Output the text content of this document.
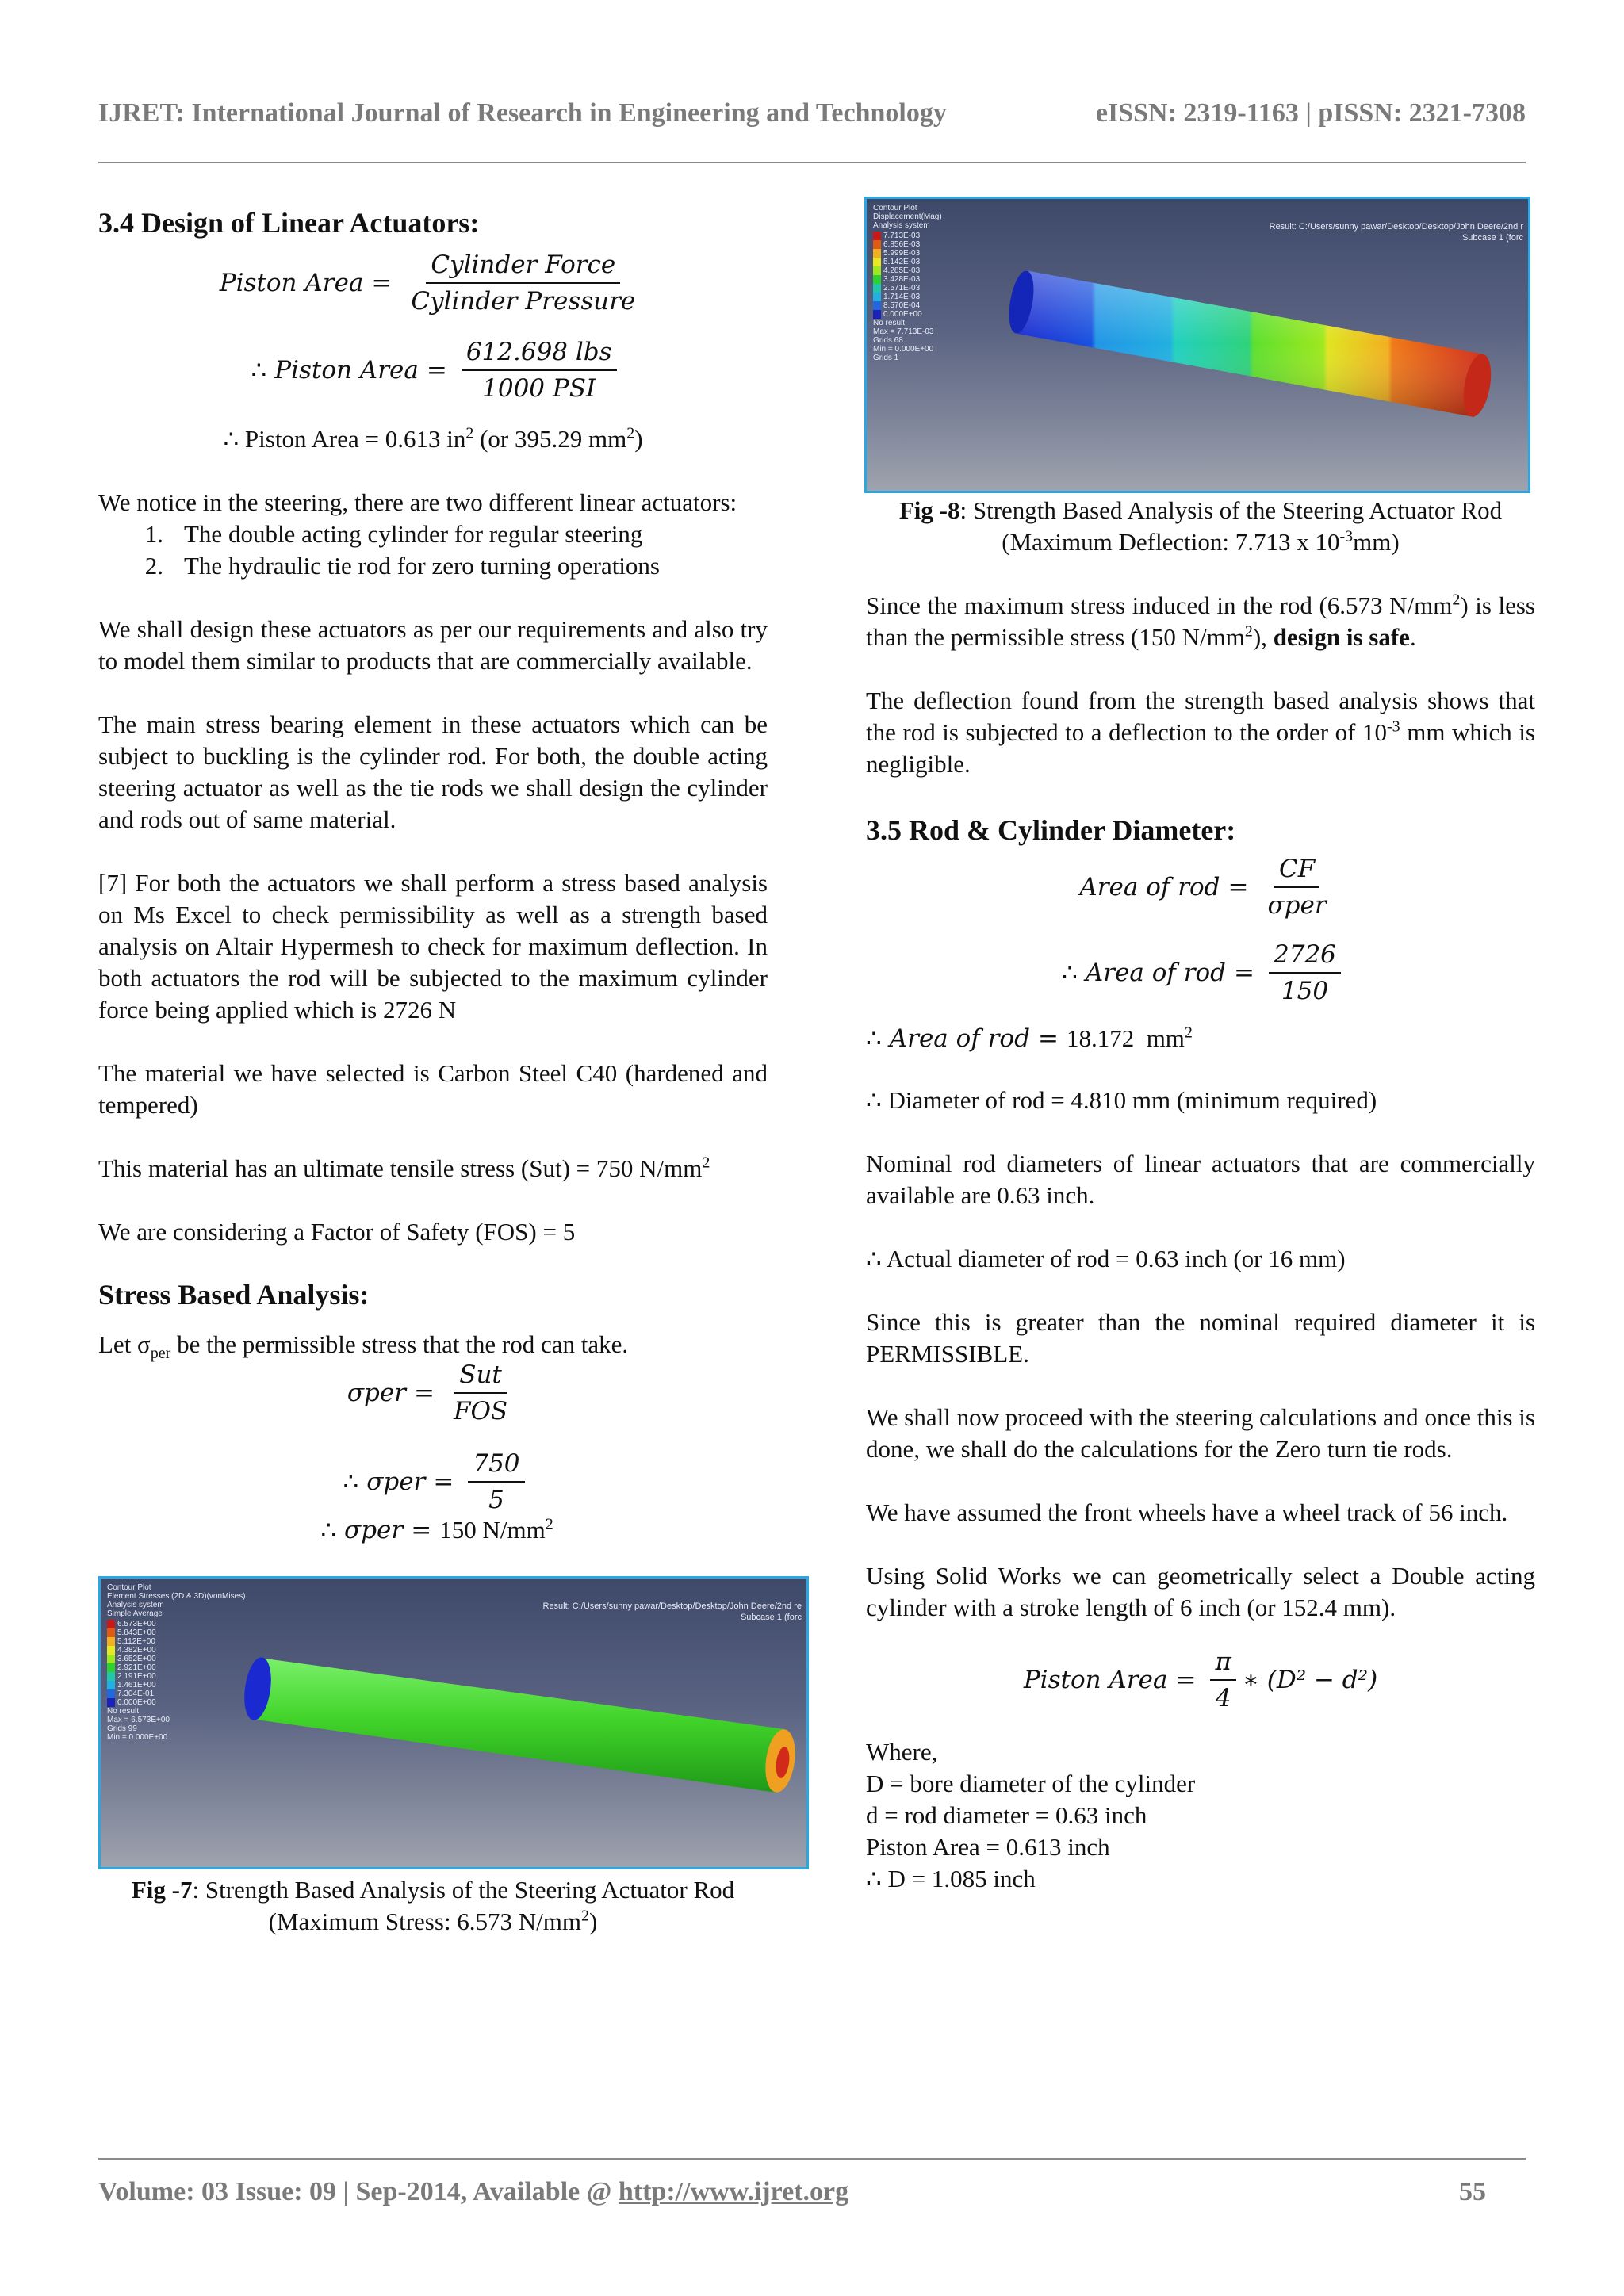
IJRET: International Journal of Research in Engineering and Technology	eISSN: 2319-1163 | pISSN: 2321-7308
3.4 Design of Linear Actuators:
Piston Area = $\frac{\text{Cylinder Force}}{\text{Cylinder Pressure}}$
∴ Piston Area = $\frac{\text{612.698 lbs}}{\text{1000 PSI}}$
∴ Piston Area = 0.613 $in^2$ (or 395.29 $mm^2$)

We notice in the steering, there are two different linear actuators:

1. The double acting cylinder for regular steering
2. The hydraulic tie rod for zero turning operations

We shall design these actuators as per our requirements and also try to model them similar to products that are commercially available.

The main stress bearing element in these actuators which can be subject to buckling is the cylinder rod. For both, the double acting steering actuator as well as the tie rods we shall design the cylinder and rods out of same material.

[7] For both the actuators we shall perform a stress based analysis on Ms Excel to check permissibility as well as a strength based analysis on Altair Hypermesh to check for maximum deflection. In both actuators the rod will be subjected to the maximum cylinder force being applied which is 2726 N

The material we have selected is Carbon Steel C40 (hardened and tempered)

This material has an ultimate tensile stress (Sut) = 750 $N/mm^2$

We are considering a Factor of Safety (FOS) = 5

Stress Based Analysis:

Let $\sigma_{per}$ be the permissible stress that the rod can take.

$\sigma per = \frac{\text{Sut}}{\text{FOS}}$
∴ $\sigma per = \frac{750}{5}$
∴ σper = 150 $N/mm^2$
Contour Plot
Element Stresses (2D & 3D)(vonMises)
Analysis system
Simple Average
6.573E+00
5.843E+00
5.112E+00
4.382E+00
3.652E+00
2.921E+00
2.191E+00
1.461E+00
7.304E-01
0.000E+00
No result
Max = 6.573E+00
Grids 99
Min = 0.000E+00
Result: C:/Users/sunny pawar/Desktop/Desktop/John Deere/2nd re
Subcase 1 (forc
Fig -7: Strength Based Analysis of the Steering Actuator Rod (Maximum Stress: 6.573 $N/mm^2$)
Contour Plot
Displacement(Mag)
Analysis system
7.713E-03
6.856E-03
5.999E-03
5.142E-03
4.285E-03
3.428E-03
2.571E-03
1.714E-03
8.570E-04
0.000E+00
No result
Max = 7.713E-03
Grids 68
Min = 0.000E+00
Grids 1
Result: C:/Users/sunny pawar/Desktop/Desktop/John Deere/2nd r
Subcase 1 (forc
Fig -8: Strength Based Analysis of the Steering Actuator Rod (Maximum Deflection: 7.713 x $10^{-3}mm$)

Since the maximum stress induced in the rod (6.573 $N/mm^2$) is less than the permissible stress (150 $N/mm^2$), design is safe.

The deflection found from the strength based analysis shows that the rod is subjected to a deflection to the order of $10^{-3}$ mm which is negligible.

3.5 Rod & Cylinder Diameter:
Area of rod = $\frac{CF}{\text{σper}}$
∴ Area of rod = $\frac{2726}{150}$
∴ Area of rod = 18.172 $mm^2$

∴ Diameter of rod = 4.810 mm (minimum required)

Nominal rod diameters of linear actuators that are commercially available are 0.63 inch.

∴ Actual diameter of rod = 0.63 inch (or 16 mm)

Since this is greater than the nominal required diameter it is PERMISSIBLE.

We shall now proceed with the steering calculations and once this is done, we shall do the calculations for the Zero turn tie rods.

We have assumed the front wheels have a wheel track of 56 inch.

Using Solid Works we can geometrically select a Double acting cylinder with a stroke length of 6 inch (or 152.4 mm).

Piston Area = $\frac{\pi}{4}$ ∗ (D² − d²)
Where,
D = bore diameter of the cylinder
d = rod diameter = 0.63 inch
Piston Area = 0.613 inch
∴ D = 1.085 inch
Volume: 03 Issue: 09 | Sep-2014, Available @ http://www.ijret.org	55
